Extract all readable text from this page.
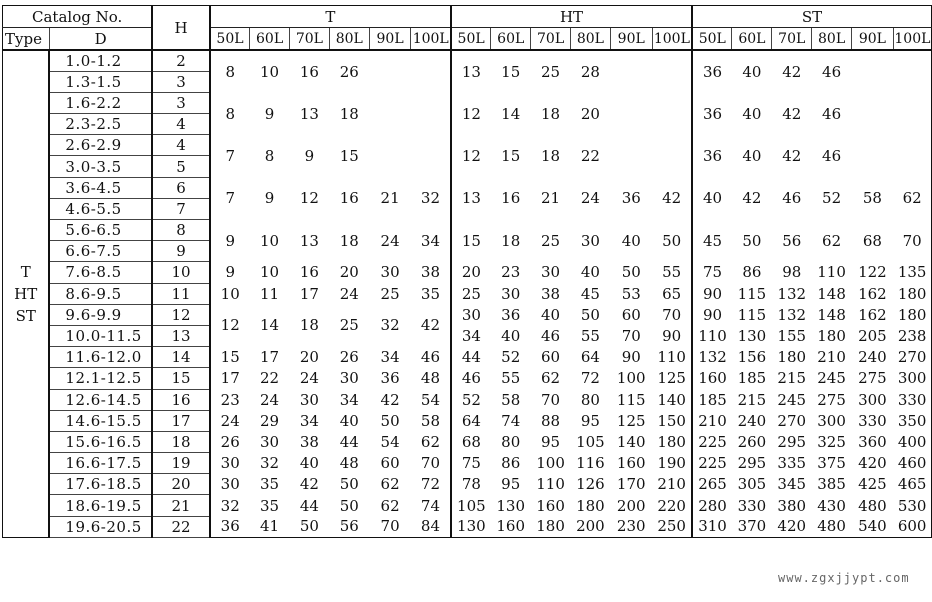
Catalog No.		H	T						HT						ST					
Type	D		50L	60L	70L	80L	90L	100L	50L	60L	70L	80L	90L	100L	50L	60L	70L	80L	90L	100L

T
HT
ST	1.0-1.2	2	8	10	16	26			13	15	25	28			36	40	42	46		
	1.3-1.5	3																		
	1.6-2.2	3	8	9	13	18			12	14	18	20			36	40	42	46		
	2.3-2.5	4																		
	2.6-2.9	4	7	8	9	15			12	15	18	22			36	40	42	46		
	3.0-3.5	5																		
	3.6-4.5	6	7	9	12	16	21	32	13	16	21	24	36	42	40	42	46	52	58	62
	4.6-5.5	7																		
	5.6-6.5	8	9	10	13	18	24	34	15	18	25	30	40	50	45	50	56	62	68	70
	6.6-7.5	9																		
	7.6-8.5	10	9	10	16	20	30	38	20	23	30	40	50	55	75	86	98	110	122	135
	8.6-9.5	11	10	11	17	24	25	35	25	30	38	45	53	65	90	115	132	148	162	180
	9.6-9.9	12	12	14	18	25	32	42	30	36	40	50	60	70	90	115	132	148	162	180
	10.0-11.5	13							34	40	46	55	70	90	110	130	155	180	205	238
	11.6-12.0	14	15	17	20	26	34	46	44	52	60	64	90	110	132	156	180	210	240	270
	12.1-12.5	15	17	22	24	30	36	48	46	55	62	72	100	125	160	185	215	245	275	300
	12.6-14.5	16	23	24	30	34	42	54	52	58	70	80	115	140	185	215	245	275	300	330
	14.6-15.5	17	24	29	34	40	50	58	64	74	88	95	125	150	210	240	270	300	330	350
	15.6-16.5	18	26	30	38	44	54	62	68	80	95	105	140	180	225	260	295	325	360	400
	16.6-17.5	19	30	32	40	48	60	70	75	86	100	116	160	190	225	295	335	375	420	460
	17.6-18.5	20	30	35	42	50	62	72	78	95	110	126	170	210	265	305	345	385	425	465
	18.6-19.5	21	32	35	44	50	62	74	105	130	160	180	200	220	280	330	380	430	480	530
	19.6-20.5	22	36	41	50	56	70	84	130	160	180	200	230	250	310	370	420	480	540	600
www.zgxjjypt.com
